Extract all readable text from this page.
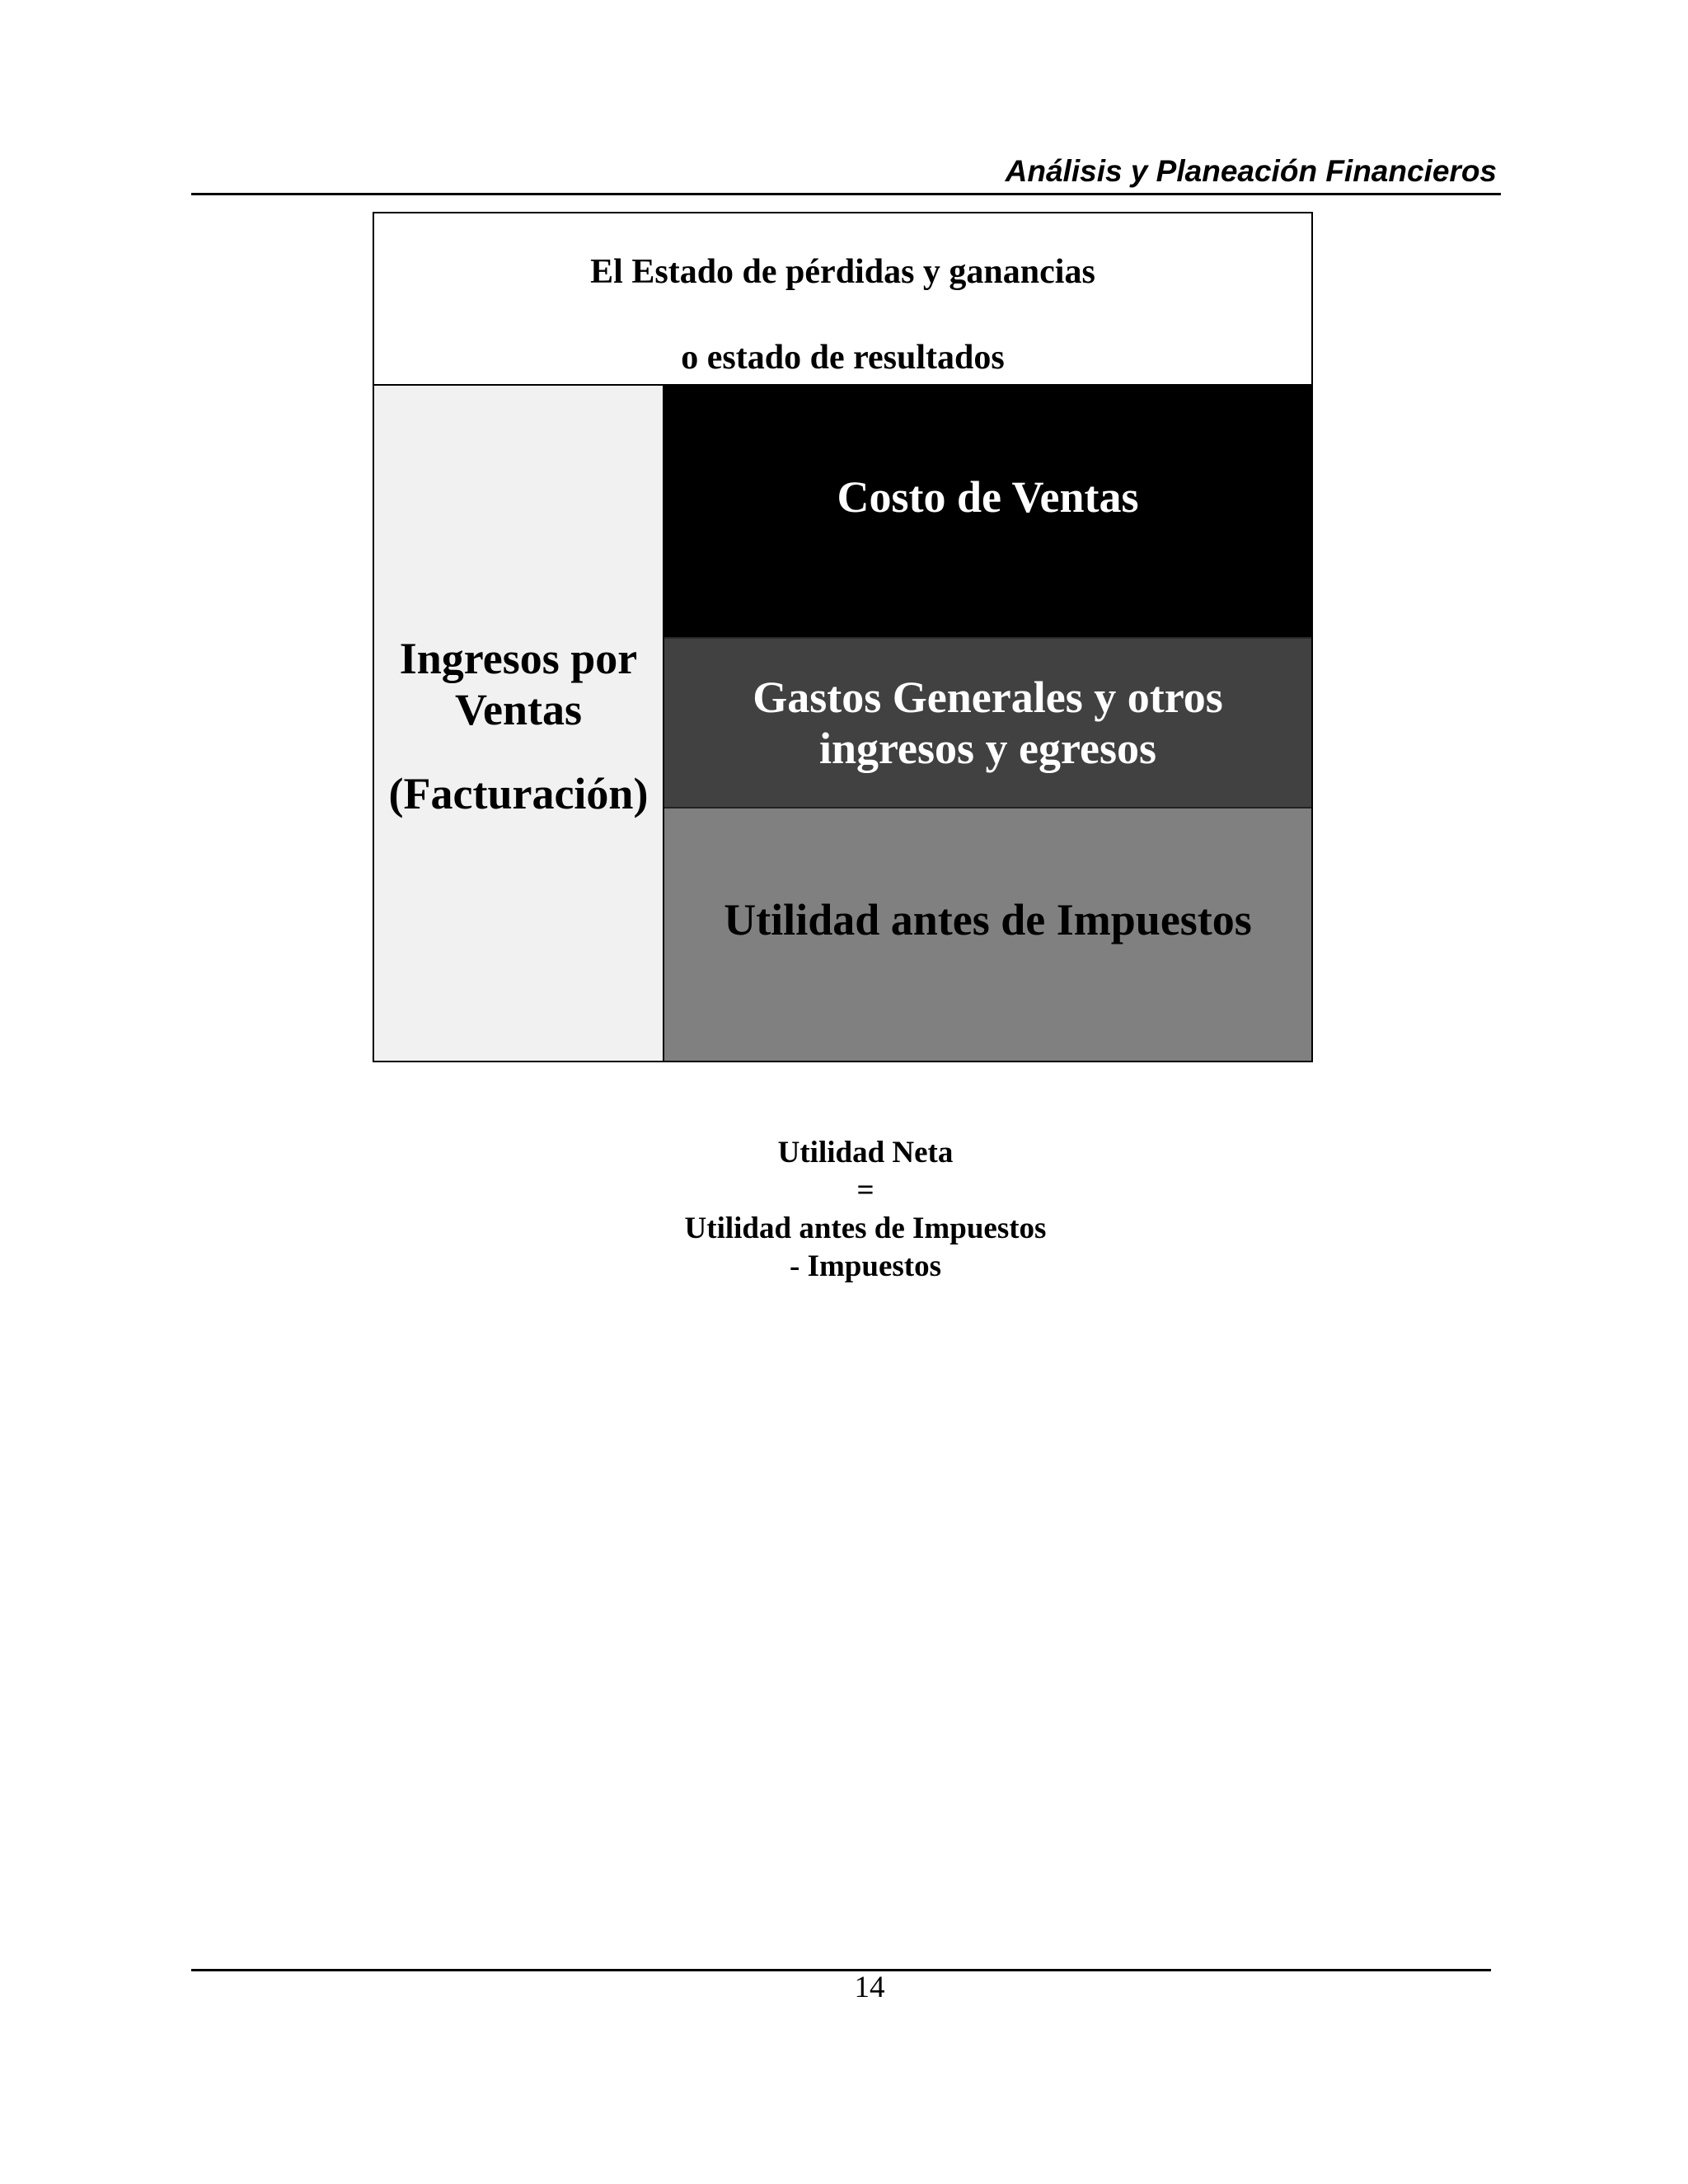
Análisis y Planeación Financieros
El Estado de pérdidas y ganancias
o estado de resultados
Ingresos por
Ventas
(Facturación)
Costo de Ventas
Gastos Generales y otros ingresos y egresos
Utilidad antes de Impuestos
Utilidad Neta
=
Utilidad antes de Impuestos
- Impuestos
14
